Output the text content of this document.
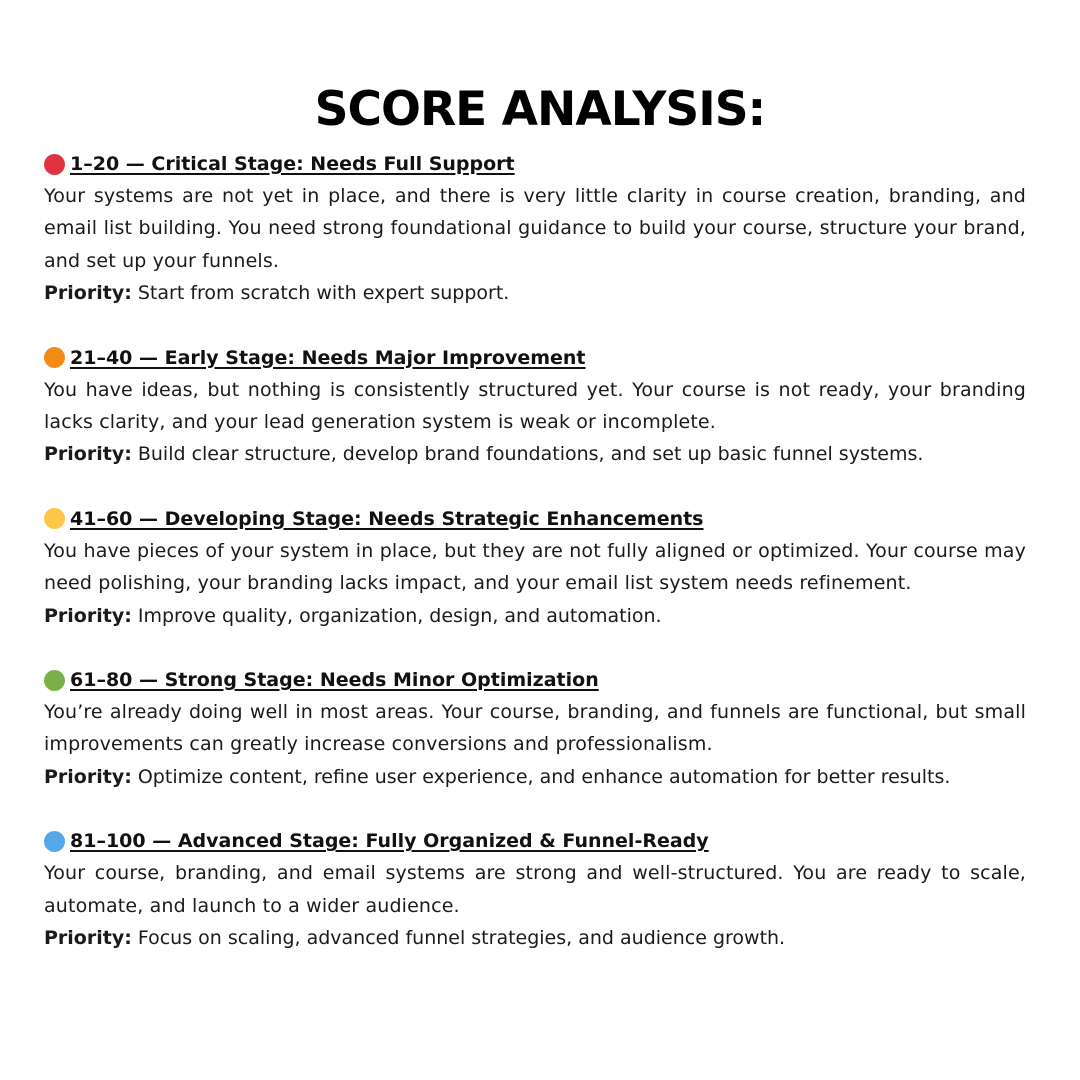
SCORE ANALYSIS:
1–20 — Critical Stage: Needs Full Support

Your systems are not yet in place, and there is very little clarity in course creation, branding, and email list building. You need strong foundational guidance to build your course, structure your brand, and set up your funnels.

Priority: Start from scratch with expert support.

21–40 — Early Stage: Needs Major Improvement

You have ideas, but nothing is consistently structured yet. Your course is not ready, your branding lacks clarity, and your lead generation system is weak or incomplete.

Priority: Build clear structure, develop brand foundations, and set up basic funnel systems.

41–60 — Developing Stage: Needs Strategic Enhancements

You have pieces of your system in place, but they are not fully aligned or optimized. Your course may need polishing, your branding lacks impact, and your email list system needs refinement.

Priority: Improve quality, organization, design, and automation.

61–80 — Strong Stage: Needs Minor Optimization

You’re already doing well in most areas. Your course, branding, and funnels are functional, but small improvements can greatly increase conversions and professionalism.

Priority: Optimize content, refine user experience, and enhance automation for better results.

81–100 — Advanced Stage: Fully Organized & Funnel-Ready

Your course, branding, and email systems are strong and well-structured. You are ready to scale, automate, and launch to a wider audience.

Priority: Focus on scaling, advanced funnel strategies, and audience growth.
